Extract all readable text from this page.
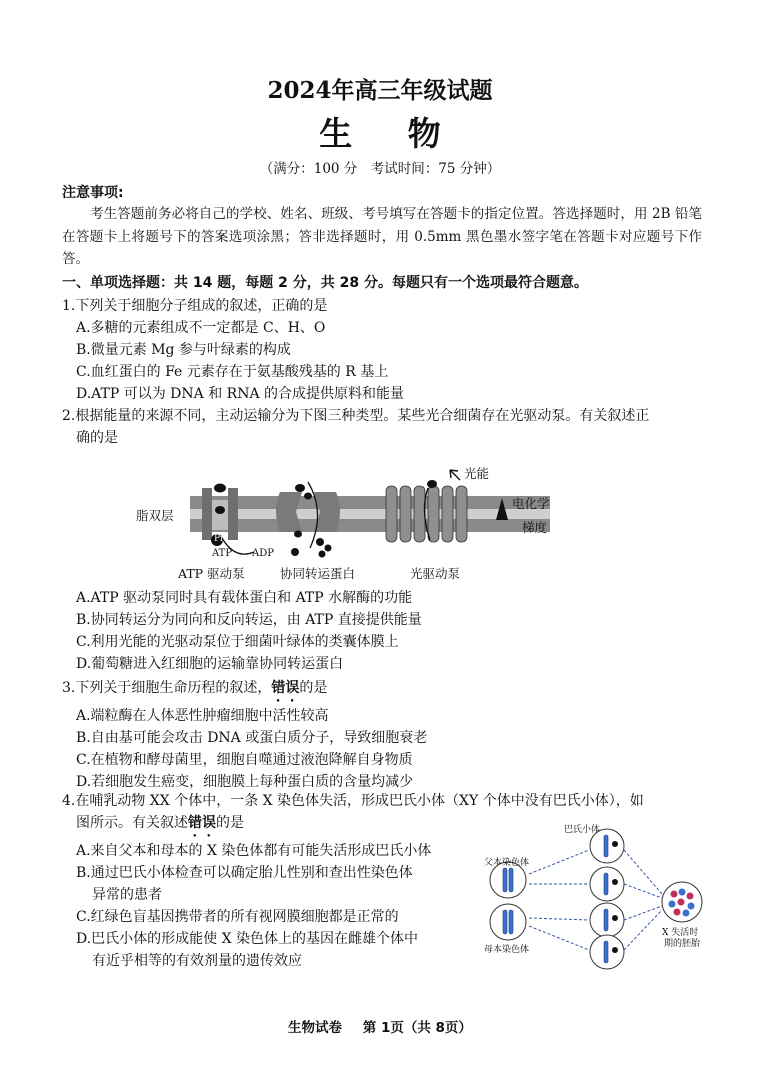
2024年高三年级试题
生 物
（满分：100 分　考试时间：75 分钟）
注意事项:
考生答题前务必将自己的学校、姓名、班级、考号填写在答题卡的指定位置。答选择题时，用 2B 铅笔在答题卡上将题号下的答案选项涂黑；答非选择题时，用 0.5mm 黑色墨水签字笔在答题卡对应题号下作答。
一、单项选择题：共 14 题，每题 2 分，共 28 分。每题只有一个选项最符合题意。

1.下列关于细胞分子组成的叙述，正确的是

A.多糖的元素组成不一定都是 C、H、O

B.微量元素 Mg 参与叶绿素的构成

C.血红蛋白的 Fe 元素存在于氨基酸残基的 R 基上

D.ATP 可以为 DNA 和 RNA 的合成提供原料和能量

2.根据能量的来源不同，主动运输分为下图三种类型。某些光合细菌存在光驱动泵。有关叙述正

确的是

脂双层
光能
电化学
梯度
Pi
ATP ADP
ATP 驱动泵	协同转运蛋白	光驱动泵

A.ATP 驱动泵同时具有载体蛋白和 ATP 水解酶的功能

B.协同转运分为同向和反向转运，由 ATP 直接提供能量

C.利用光能的光驱动泵位于细菌叶绿体的类囊体膜上

D.葡萄糖进入红细胞的运输靠协同转运蛋白

3.下列关于细胞生命历程的叙述，错误的是

A.端粒酶在人体恶性肿瘤细胞中活性较高

B.自由基可能会攻击 DNA 或蛋白质分子，导致细胞衰老

C.在植物和酵母菌里，细胞自噬通过液泡降解自身物质

D.若细胞发生癌变，细胞膜上每种蛋白质的含量均减少

4.在哺乳动物 XX 个体中，一条 X 染色体失活，形成巴氏小体（XY 个体中没有巴氏小体），如

图所示。有关叙述错误的是

A.来自父本和母本的 X 染色体都有可能失活形成巴氏小体

B.通过巴氏小体检查可以确定胎儿性别和查出性染色体

异常的患者

C.红绿色盲基因携带者的所有视网膜细胞都是正常的

D.巴氏小体的形成能使 X 染色体上的基因在雌雄个体中

有近乎相等的有效剂量的遗传效应

巴氏小体
父本染色体
母本染色体
X 失活时
期的胚胎
生物试卷 第 1页（共 8页）
